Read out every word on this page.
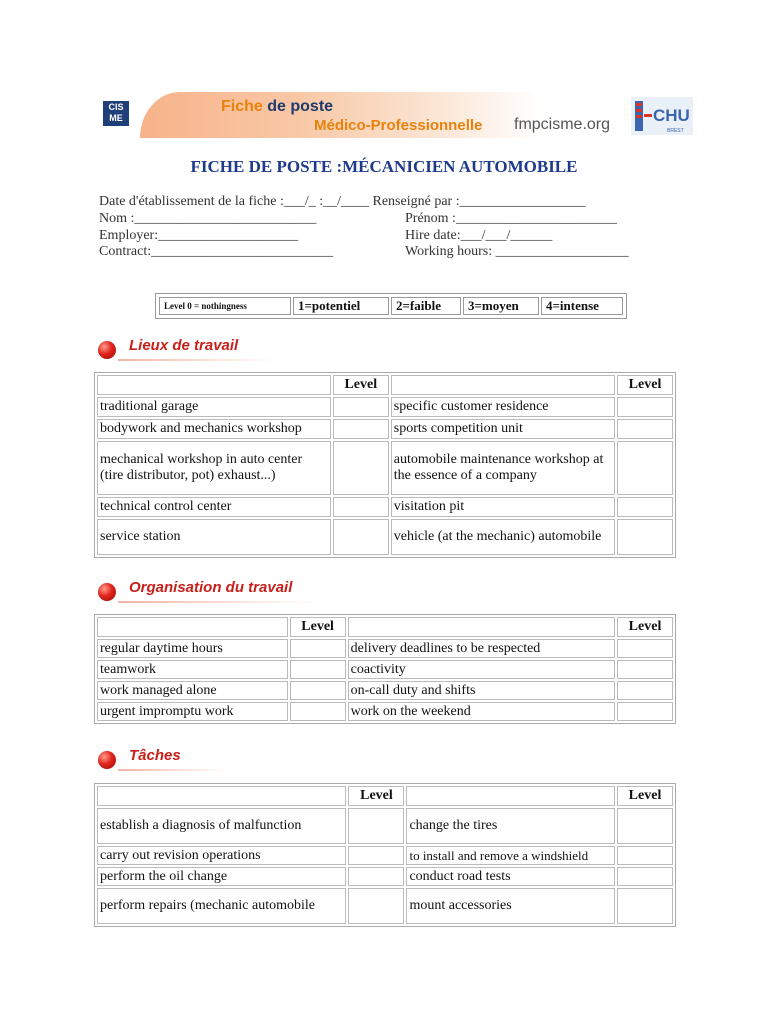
CIS ME
Fiche de poste
Médico-Professionnelle fmpcisme.org	CHU
BREST
FICHE DE POSTE :MÉCANICIEN AUTOMOBILE
Date d'établissement de la fiche :___/_ :__/____ Renseigné par :__________________
Nom :__________________________	Prénom :_______________________
Employer:____________________	Hire date:___/___/______
Contract:__________________________	Working hours: ___________________
Level 0 = nothingness	1=potentiel	2=faible	3=moyen	4=intense
Lieux de travail
	Level		Level
traditional garage		specific customer residence	
bodywork and mechanics workshop		sports competition unit	
mechanical workshop in auto center (tire distributor, pot) exhaust...)		automobile maintenance workshop at the essence of a company	
technical control center		visitation pit	
service station		vehicle (at the mechanic) automobile	
Organisation du travail
	Level		Level
regular daytime hours		delivery deadlines to be respected	
teamwork		coactivity	
work managed alone		on-call duty and shifts	
urgent impromptu work		work on the weekend	
Tâches
	Level		Level
establish a diagnosis of malfunction		change the tires	
carry out revision operations		to install and remove a windshield	
perform the oil change		conduct road tests	
perform repairs (mechanic automobile		mount accessories	
